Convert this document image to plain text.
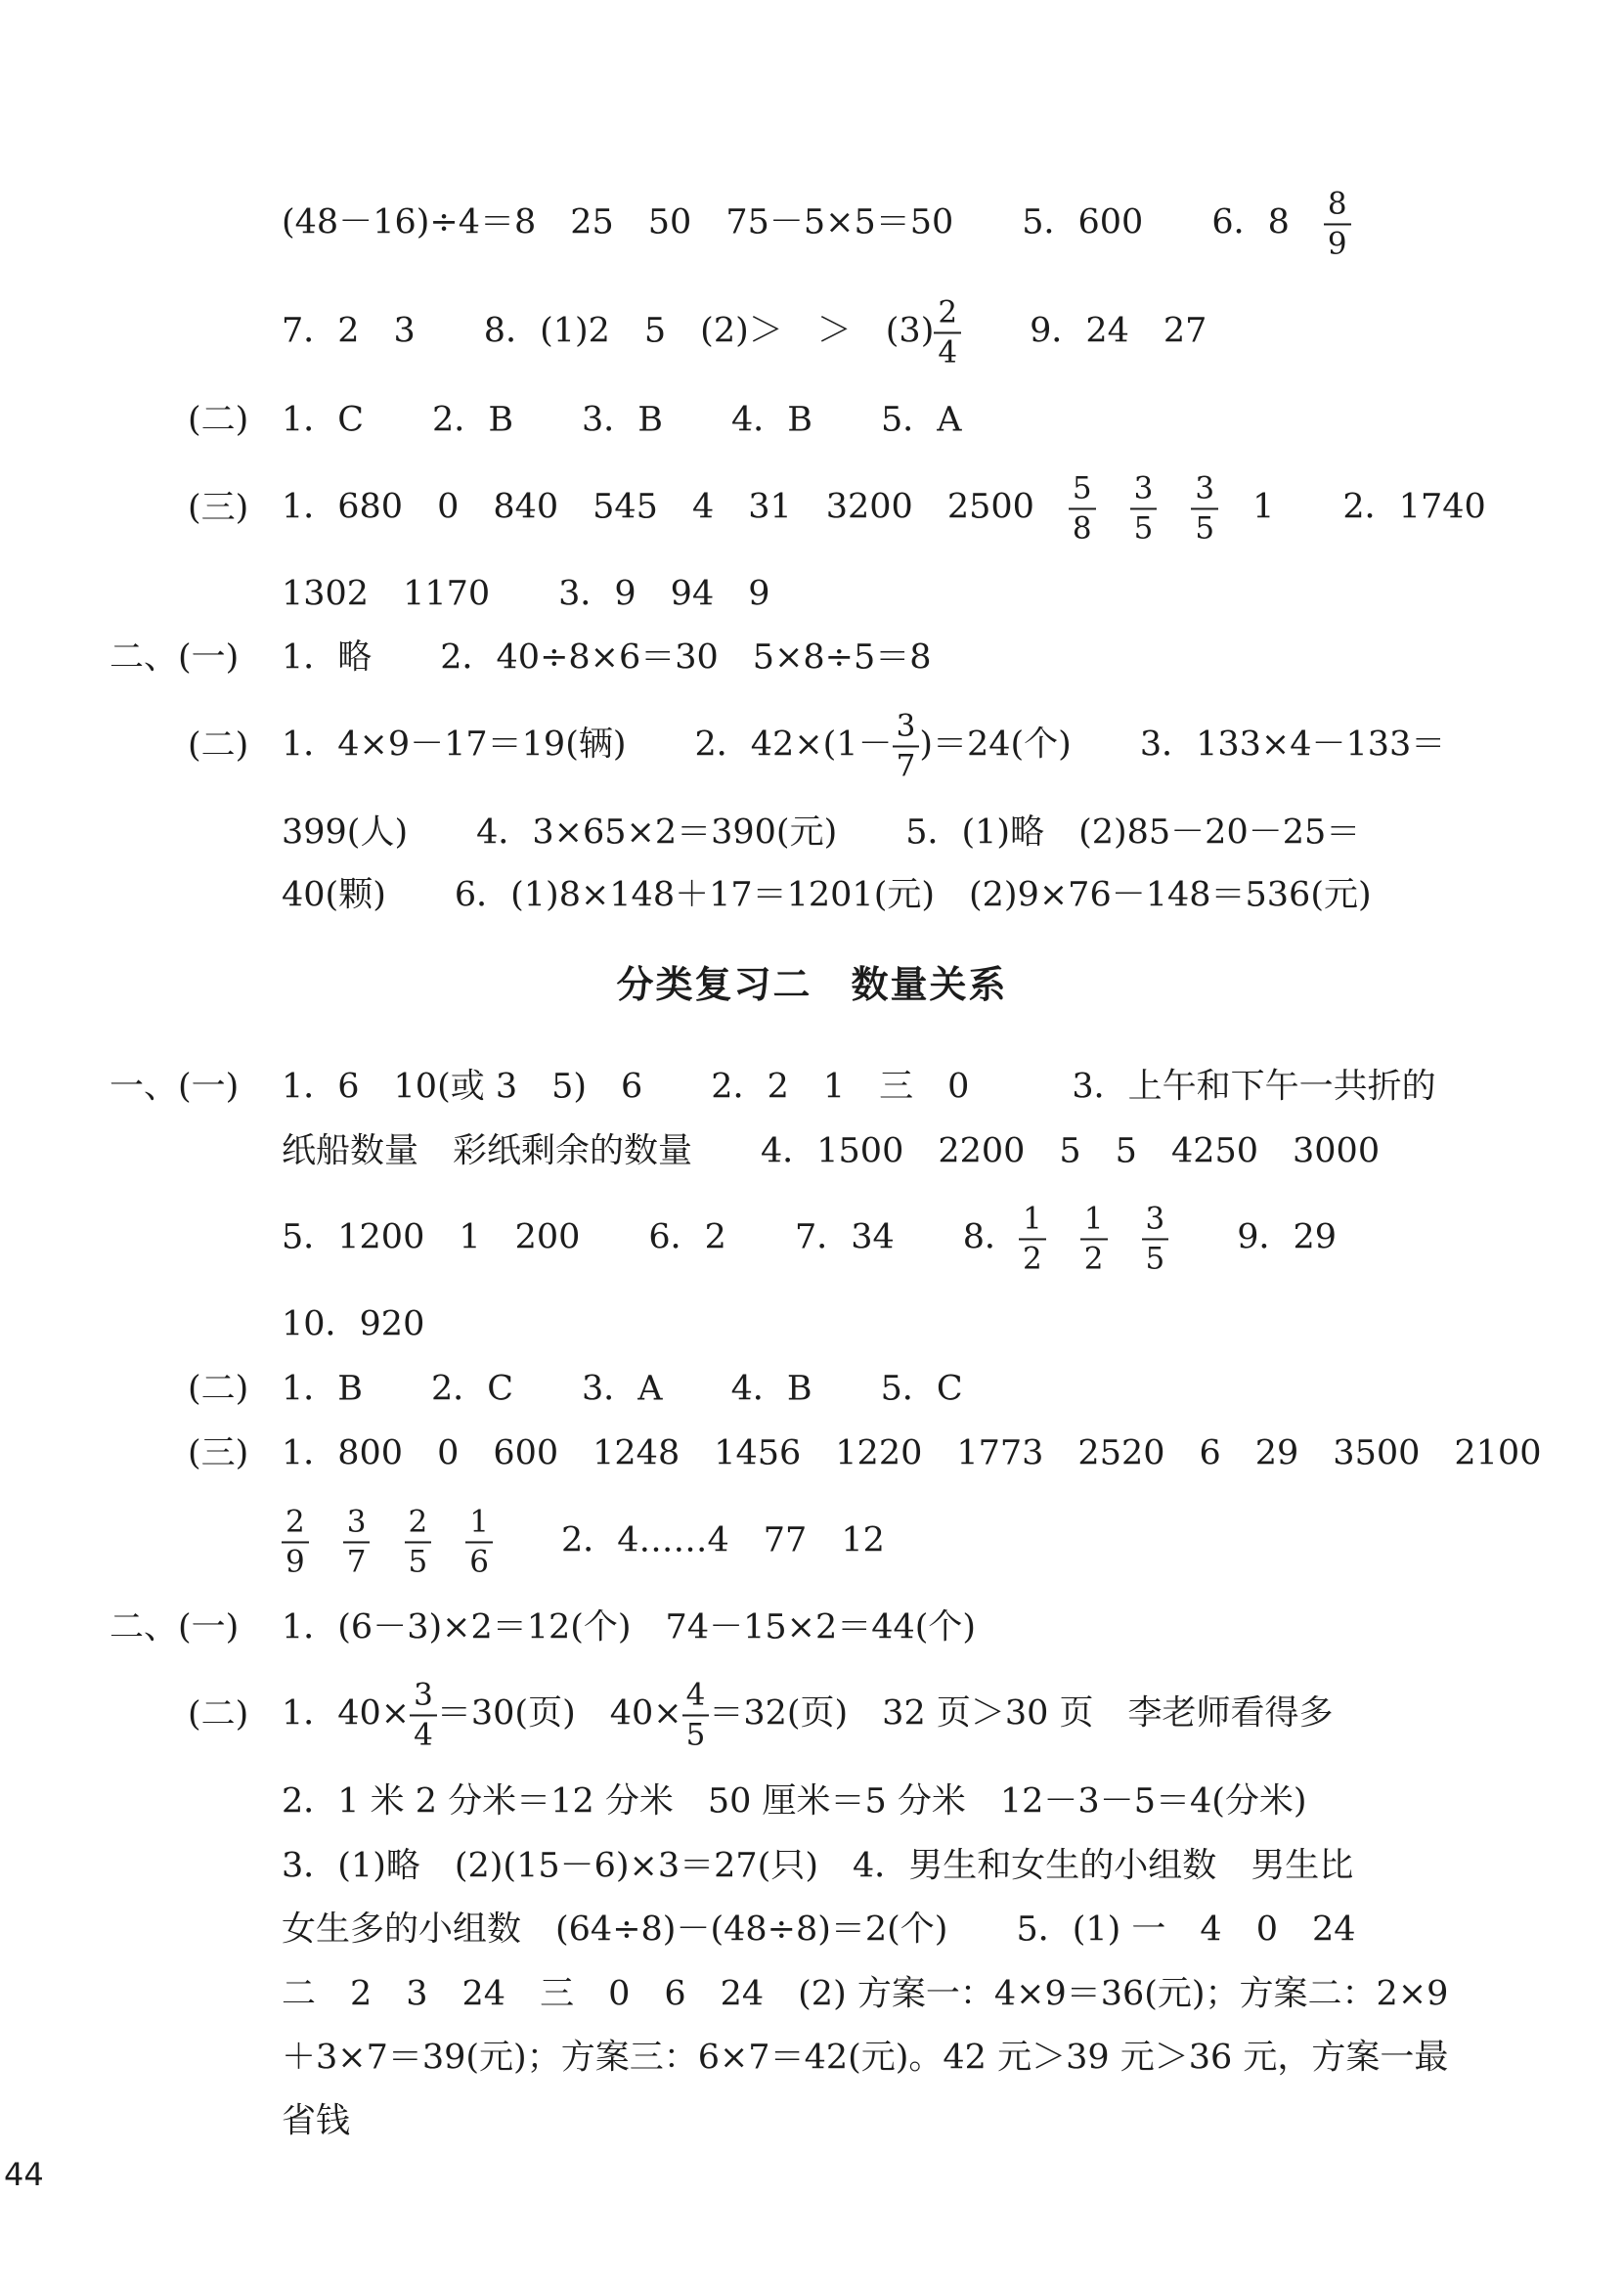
(二)
(三)
二、(一)
(二)
一、(一)
(二)
(三)
二、(一)
(二)
(48－16)÷4＝8　25　50　75－5×5＝50　　5．600　　6．8　 $\frac{8}{9}$
7．2　3　　8．(1)2　5　(2)＞　＞　$(3) \frac{2}{4}$ 　　9．24　27
1．C　　2．B　　3．B　　4．B　　5．A
1．680　0　840　545　4　31　3200　2500　 $\frac{5}{8}$
　 $\frac{3}{5}$
　 $\frac{3}{5}$ 　1　　2．1740
1302　1170　　3．9　94　9
1．略　　2．40÷8×6＝30　5×8÷5＝8
1．4×9－17＝19(辆)　　2．$42\times(1- \frac{3}{7} )=24$(个)　　3．133×4－133＝
399(人)　　4．3×65×2＝390(元)　　5．(1)略　(2)85－20－25＝
40(颗)　　6．(1)8×148＋17＝1201(元)　(2)9×76－148＝536(元)
1．6　10(或 3　5)　6　　2．2　1　三　0　　　3．上午和下午一共折的
纸船数量　彩纸剩余的数量　　4．1500　2200　5　5　4250　3000
5．1200　1　200　　6．2　　7．34　　8． $\frac{1}{2}$
　 $\frac{1}{2}$
　 $\frac{3}{5}$ 　　9．29
10．920
1．B　　2．C　　3．A　　4．B　　5．C
1．800　0　600　1248　1456　1220　1773　2520　6　29　3500　2100
$\frac{2}{9}$
　 $\frac{3}{7}$
　 $\frac{2}{5}$
　 $\frac{1}{6}$ 　　2．4……4　77　12
1．(6－3)×2＝12(个)　74－15×2＝44(个)
1．$40\times \frac{3}{4} =30$(页)　$40\times \frac{4}{5} =32$(页)　32 页＞30 页　李老师看得多
2．1 米 2 分米＝12 分米　50 厘米＝5 分米　12－3－5＝4(分米)
3．(1)略　(2)(15－6)×3＝27(只)　4．男生和女生的小组数　男生比
女生多的小组数　(64÷8)－(48÷8)＝2(个)　　5．(1) 一　4　0　24
二　2　3　24　三　0　6　24　(2) 方案一：4×9＝36(元)；方案二：2×9
＋3×7＝39(元)；方案三：6×7＝42(元)。42 元＞39 元＞36 元，方案一最
省钱
分类复习二　数量关系
44
